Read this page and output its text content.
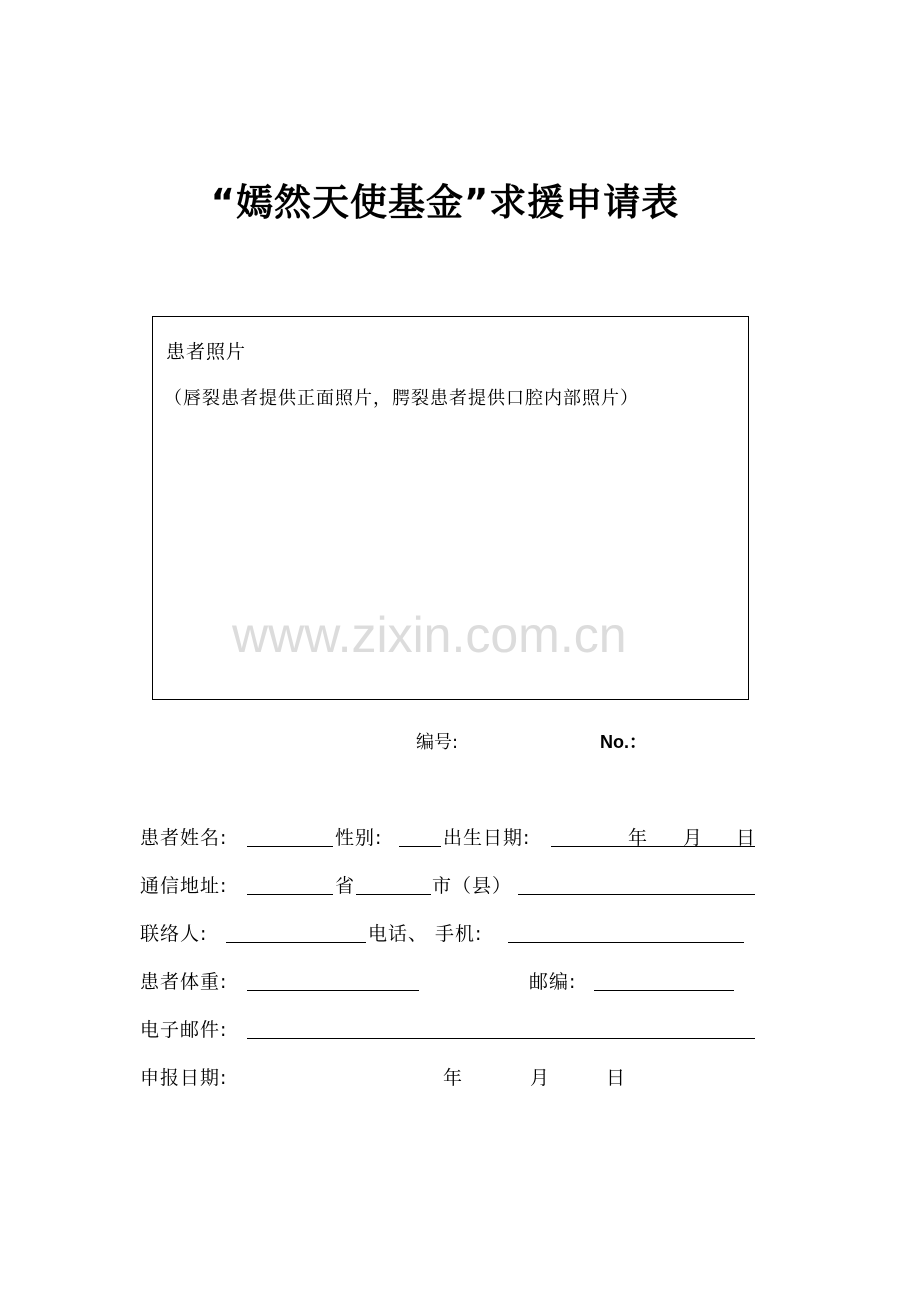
“嫣然天使基金”求援申请表
患者照片
（唇裂患者提供正面照片，腭裂患者提供口腔内部照片）
www.zixin.com.cn
编号:	No.：
患者姓名:	性别:	出生日期:	年 月 日
通信地址:	省	市（县）
联络人:	电话、 手机:
患者体重:	邮编:
电子邮件:
申报日期:	年	月	日
